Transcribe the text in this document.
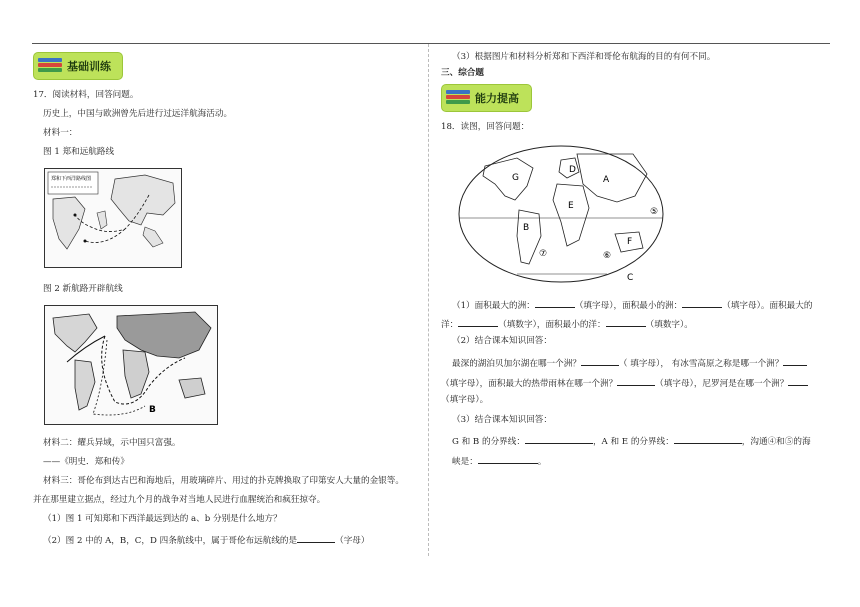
基础训练
17．阅读材料，回答问题。
历史上，中国与欧洲曾先后进行过远洋航海活动。
材料一：
图 1 郑和远航路线
郑和下西洋路线图
图 2 新航路开辟航线
B
材料二：耀兵异域，示中国只富强。
——《明史．郑和传》
材料三：哥伦布到达古巴和海地后，用玻璃碎片、用过的扑克牌换取了印第安人大量的金银等。
并在那里建立据点，经过九个月的战争对当地人民进行血腥统治和疯狂掠夺。
（1）图 1 可知郑和下西洋最远到达的 a、b 分别是什么地方？
（2）图 2 中的 A，B，C，D 四条航线中，属于哥伦布远航线的是	（字母）
（3）根据图片和材料分析郑和下西洋和哥伦布航海的目的有何不同。
三、综合题
能力提高
18．读图，回答问题：
G
D
A
E
B
F
C
⑦	⑥
⑤
（1）面积最大的洲：	（填字母），面积最小的洲：	（填字母）。面积最大的
洋：	（填数字），面积最小的洋：	（填数字）。
（2）结合课本知识回答：
最深的湖泊贝加尔湖在哪一个洲？	（ 填字母）， 有冰雪高原之称是哪一个洲？
（填字母），面积最大的热带雨林在哪一个洲？	（填字母），尼罗河是在哪一个洲？
（填字母）。
（3）结合课本知识回答：
G 和 B 的分界线：	，A 和 E 的分界线：	，沟通④和⑤的海
峡是：	。
